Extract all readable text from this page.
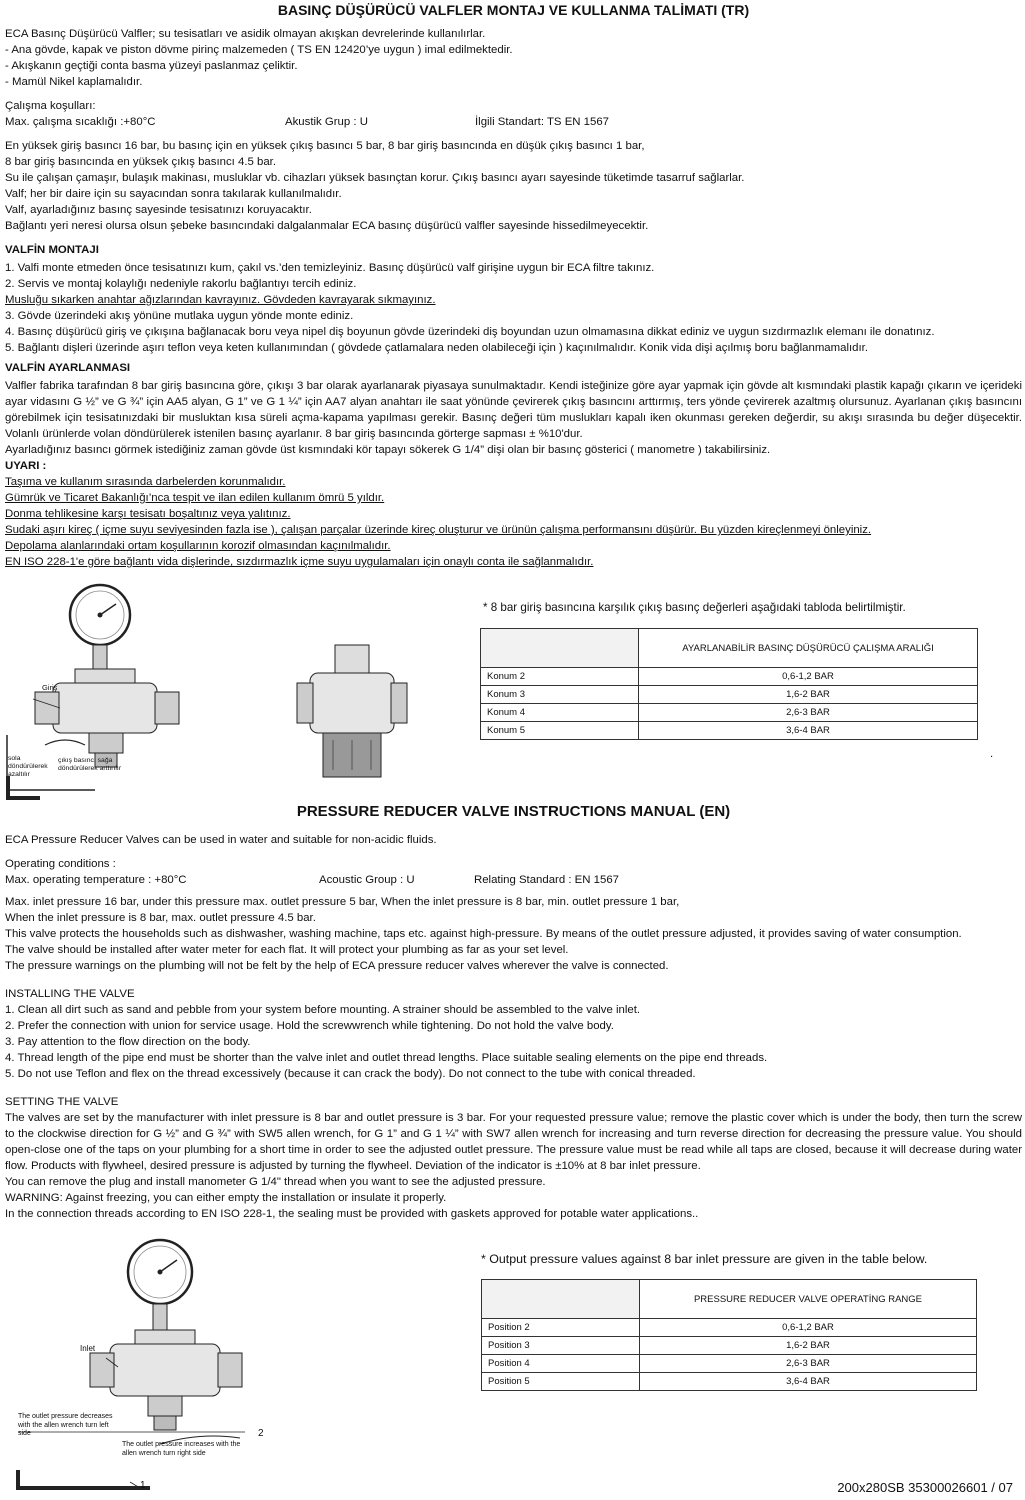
BASINÇ DÜŞÜRÜCÜ VALFLER MONTAJ VE KULLANMA TALİMATI (TR)

ECA Basınç Düşürücü Valfler; su tesisatları ve asidik olmayan akışkan devrelerinde kullanılırlar.

- Ana gövde, kapak ve piston dövme pirinç malzemeden ( TS EN 12420’ye uygun ) imal edilmektedir.

- Akışkanın geçtiği conta basma yüzeyi paslanmaz çeliktir.

- Mamül Nikel kaplamalıdır.

Çalışma koşulları:

Max. çalışma sıcaklığı :+80°C	Akustik Grup : U	İlgili Standart: TS EN 1567

En yüksek giriş basıncı 16 bar, bu basınç için en yüksek çıkış basıncı 5 bar, 8 bar giriş basıncında en düşük çıkış basıncı 1 bar,

8 bar giriş basıncında en yüksek çıkış basıncı 4.5 bar.

Su ile çalışan çamaşır, bulaşık makinası, musluklar vb. cihazları yüksek basınçtan korur. Çıkış basıncı ayarı sayesinde tüketimde tasarruf sağlarlar.

Valf; her bir daire için su sayacından sonra takılarak kullanılmalıdır.

Valf, ayarladığınız basınç sayesinde tesisatınızı koruyacaktır.

Bağlantı yeri neresi olursa olsun şebeke basıncındaki dalgalanmalar ECA basınç düşürücü valfler sayesinde hissedilmeyecektir.

VALFİN MONTAJI

1. Valfi monte etmeden önce tesisatınızı kum, çakıl vs.’den temizleyiniz. Basınç düşürücü valf girişine uygun bir ECA filtre takınız.

2. Servis ve montaj kolaylığı nedeniyle rakorlu bağlantıyı tercih ediniz.

Musluğu sıkarken anahtar ağızlarından kavrayınız. Gövdeden kavrayarak sıkmayınız.

3. Gövde üzerindeki akış yönüne mutlaka uygun yönde monte ediniz.

4. Basınç düşürücü giriş ve çıkışına bağlanacak boru veya nipel diş boyunun gövde üzerindeki diş boyundan uzun olmamasına dikkat ediniz ve uygun sızdırmazlık elemanı ile donatınız.

5. Bağlantı dişleri üzerinde aşırı teflon veya keten kullanımından ( gövdede çatlamalara neden olabileceği için ) kaçınılmalıdır. Konik vida dişi açılmış boru bağlanmamalıdır.

VALFİN AYARLANMASI

Valfler fabrika tarafından 8 bar giriş basıncına göre, çıkışı 3 bar olarak ayarlanarak piyasaya sunulmaktadır. Kendi isteğinize göre ayar yapmak için gövde alt kısmındaki plastik kapağı çıkarın ve içerideki ayar vidasını G ½” ve G ¾” için AA5 alyan, G 1” ve G 1 ¼” için AA7 alyan anahtarı ile saat yönünde çevirerek çıkış basıncını arttırmış, ters yönde çevirerek azaltmış olursunuz. Ayarlanan çıkış basıncını görebilmek için tesisatınızdaki bir musluktan kısa süreli açma-kapama yapılması gerekir. Basınç değeri tüm muslukları kapalı iken okunması gereken değerdir, su akışı sırasında bu değer düşecektir. Volanlı ürünlerde volan döndürülerek istenilen basınç ayarlanır. 8 bar giriş basıncında görterge sapması ± %10'dur.

Ayarladığınız basıncı görmek istediğiniz zaman gövde üst kısmındaki kör tapayı sökerek G 1/4” dişi olan bir basınç gösterici ( manometre ) takabilirsiniz.

UYARI :

Taşıma ve kullanım sırasında darbelerden korunmalıdır.

Gümrük ve Ticaret Bakanlığı’nca tespit ve ilan edilen kullanım ömrü 5 yıldır.

Donma tehlikesine karşı tesisatı boşaltınız veya yalıtınız.

Sudaki aşırı kireç ( içme suyu seviyesinden fazla ise ), çalışan parçalar üzerinde kireç oluşturur ve ürünün çalışma performansını düşürür. Bu yüzden kireçlenmeyi önleyiniz.

Depolama alanlarındaki ortam koşullarının korozif olmasından kaçınılmalıdır.

EN ISO 228-1'e göre bağlantı vida dişlerinde, sızdırmazlık içme suyu uygulamaları için onaylı conta ile sağlanmalıdır.

Giriş
sola döndürülerek azaltılır
çıkış basıncı sağa döndürülerek arttırılır
* 8 bar giriş basıncına karşılık çıkış basınç değerleri aşağıdaki tabloda belirtilmiştir.
	AYARLANABİLİR BASINÇ DÜŞÜRÜCÜ ÇALIŞMA ARALIĞI
Konum 2	0,6-1,2 BAR
Konum 3	1,6-2 BAR
Konum 4	2,6-3 BAR
Konum 5	3,6-4 BAR
.

PRESSURE REDUCER VALVE INSTRUCTIONS MANUAL (EN)

ECA Pressure Reducer Valves can be used in water and suitable for non-acidic fluids.

Operating conditions :

Max. operating temperature : +80°C	Acoustic Group : U	Relating Standard : EN 1567

Max. inlet pressure 16 bar, under this pressure max. outlet pressure 5 bar, When the inlet pressure is 8 bar, min. outlet pressure 1 bar,

When the inlet pressure is 8 bar, max. outlet pressure 4.5 bar.

This valve protects the households such as dishwasher, washing machine, taps etc. against high-pressure. By means of the outlet pressure adjusted, it provides saving of water consumption.

The valve should be installed after water meter for each flat. It will protect your plumbing as far as your set level.

The pressure warnings on the plumbing will not be felt by the help of ECA pressure reducer valves wherever the valve is connected.

INSTALLING THE VALVE

1. Clean all dirt such as sand and pebble from your system before mounting. A strainer should be assembled to the valve inlet.

2. Prefer the connection with union for service usage. Hold the screwwrench while tightening. Do not hold the valve body.

3. Pay attention to the flow direction on the body.

4. Thread length of the pipe end must be shorter than the valve inlet and outlet thread lengths. Place suitable sealing elements on the pipe end threads.

5. Do not use Teflon and flex on the thread excessively (because it can crack the body). Do not connect to the tube with conical threaded.

SETTING THE VALVE

The valves are set by the manufacturer with inlet pressure is 8 bar and outlet pressure is 3 bar. For your requested pressure value; remove the plastic cover which is under the body, then turn the screw to the clockwise direction for G ½” and G ¾” with SW5 allen wrench, for G 1” and G 1 ¼” with SW7 allen wrench for increasing and turn reverse direction for decreasing the pressure value. You should open-close one of the taps on your plumbing for a short time in order to see the adjusted outlet pressure. The pressure value must be read while all taps are closed, because it will decrease during water flow. Products with flywheel, desired pressure is adjusted by turning the flywheel. Deviation of the indicator is ±10% at 8 bar inlet pressure.

You can remove the plug and install manometer G 1/4" thread when you want to see the adjusted pressure.

WARNING: Against freezing, you can either empty the installation or insulate it properly.

In the connection threads according to EN ISO 228-1, the sealing must be provided with gaskets approved for potable water applications..

Inlet
The outlet pressure decreases with the allen wrench turn left side
The outlet pressure increases with the allen wrench turn right side
2
1
* Output pressure values against 8 bar inlet pressure are given in the table below.
	PRESSURE REDUCER VALVE OPERATİNG RANGE
Position 2	0,6-1,2 BAR
Position 3	1,6-2 BAR
Position 4	2,6-3 BAR
Position 5	3,6-4 BAR
200x280SB 35300026601 / 07
